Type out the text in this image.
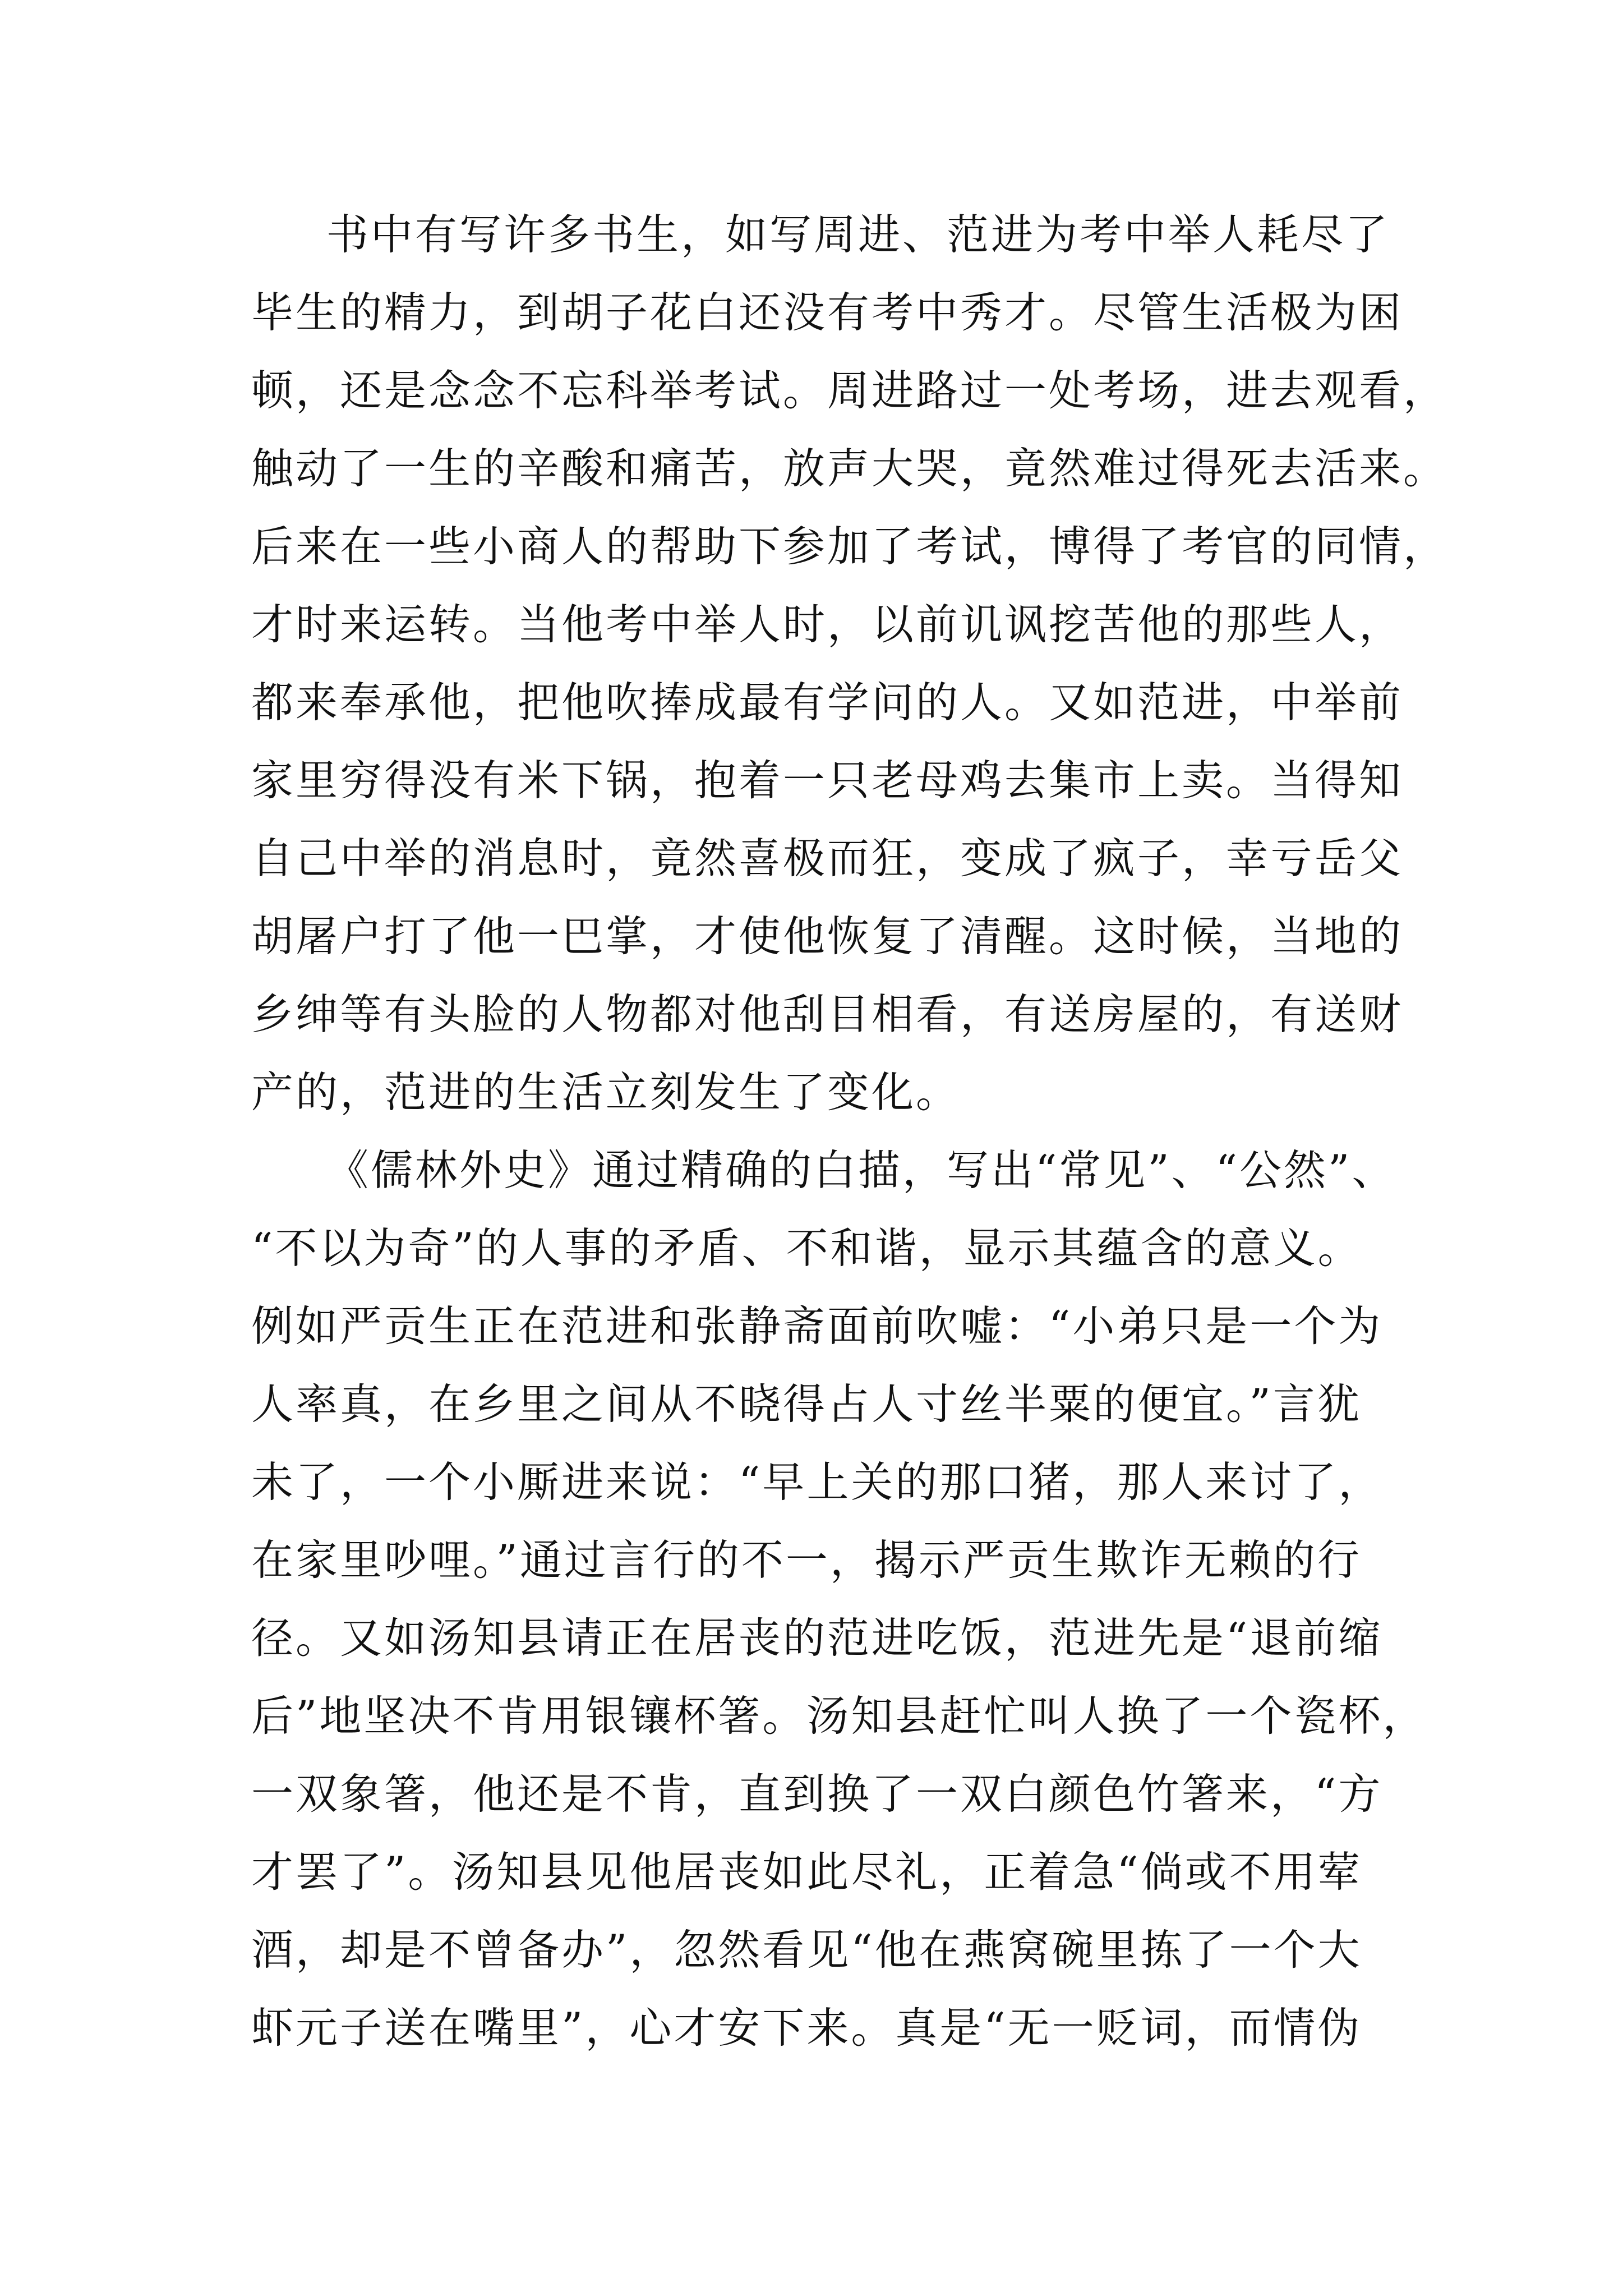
书中有写许多书生，如写周进、范进为考中举人耗尽了
毕生的精力，到胡子花白还没有考中秀才。尽管生活极为困
顿，还是念念不忘科举考试。周进路过一处考场，进去观看，
触动了一生的辛酸和痛苦，放声大哭，竟然难过得死去活来。
后来在一些小商人的帮助下参加了考试，博得了考官的同情，
才时来运转。当他考中举人时，以前讥讽挖苦他的那些人，
都来奉承他，把他吹捧成最有学问的人。又如范进，中举前
家里穷得没有米下锅，抱着一只老母鸡去集市上卖。当得知
自己中举的消息时，竟然喜极而狂，变成了疯子，幸亏岳父
胡屠户打了他一巴掌，才使他恢复了清醒。这时候，当地的
乡绅等有头脸的人物都对他刮目相看，有送房屋的，有送财
产的，范进的生活立刻发生了变化。
《儒林外史》通过精确的白描，写出“常见”、“公然”、
“不以为奇”的人事的矛盾、不和谐，显示其蕴含的意义。
例如严贡生正在范进和张静斋面前吹嘘：“小弟只是一个为
人率真，在乡里之间从不晓得占人寸丝半粟的便宜。”言犹
未了，一个小厮进来说：“早上关的那口猪，那人来讨了，
在家里吵哩。”通过言行的不一，揭示严贡生欺诈无赖的行
径。又如汤知县请正在居丧的范进吃饭，范进先是“退前缩
后”地坚决不肯用银镶杯箸。汤知县赶忙叫人换了一个瓷杯，
一双象箸，他还是不肯，直到换了一双白颜色竹箸来，“方
才罢了”。汤知县见他居丧如此尽礼，正着急“倘或不用荤
酒，却是不曾备办”，忽然看见“他在燕窝碗里拣了一个大
虾元子送在嘴里”，心才安下来。真是“无一贬词，而情伪
